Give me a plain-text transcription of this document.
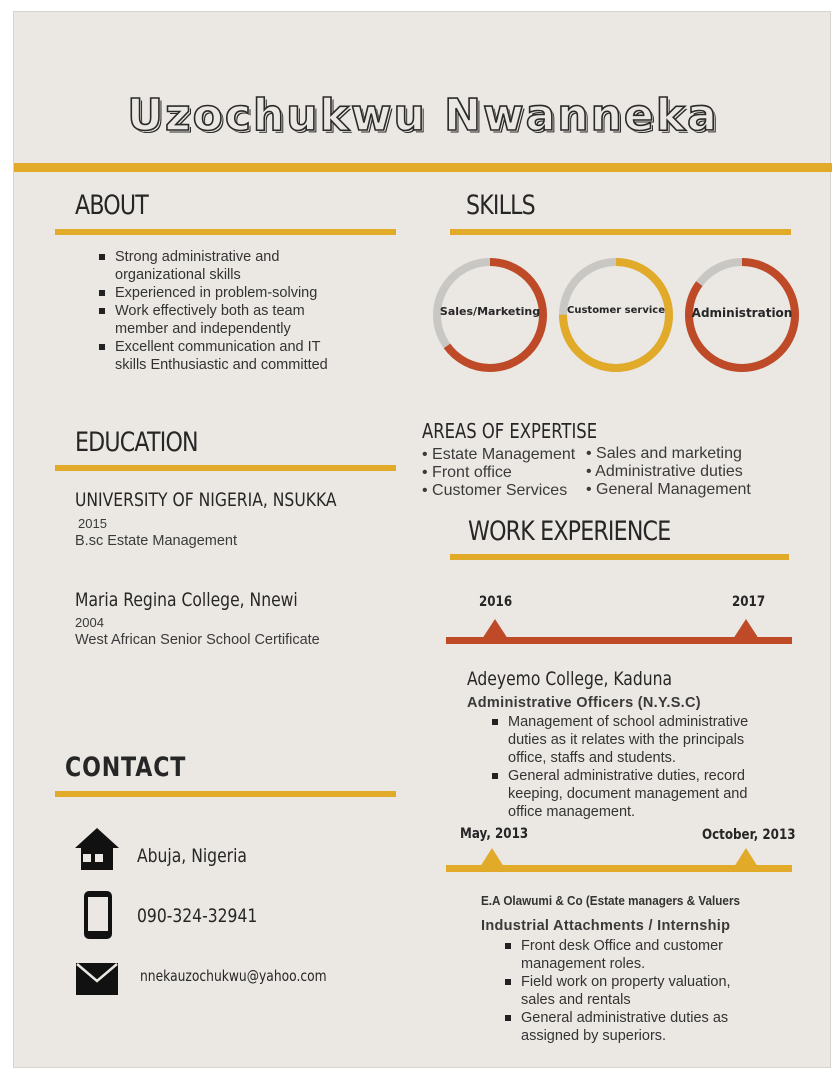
Uzochukwu Nwanneka
ABOUT
Strong administrative and organizational skills
Experienced in problem-solving
Work effectively both as team member and independently
Excellent communication and IT skills Enthusiastic and committed
SKILLS
Sales/Marketing	Customer service	Administration
EDUCATION
UNIVERSITY OF NIGERIA, NSUKKA
2015
B.sc Estate Management
Maria Regina College, Nnewi
2004
West African Senior School Certificate
AREAS OF EXPERTISE
• Estate Management
• Front office
• Customer Services
• Sales and marketing
• Administrative duties
• General Management
WORK EXPERIENCE
2016	2017
Adeyemo College, Kaduna
Administrative Officers (N.Y.S.C)
Management of school administrative duties as it relates with the principals office, staffs and students.
General administrative duties, record keeping, document management and office management.
May, 2013	October, 2013
E.A Olawumi & Co (Estate managers & Valuers
Industrial Attachments / Internship
Front desk Office and customer management roles.
Field work on property valuation, sales and rentals
General administrative duties as assigned by superiors.
CONTACT
Abuja, Nigeria
090-324-32941
nnekauzochukwu@yahoo.com
